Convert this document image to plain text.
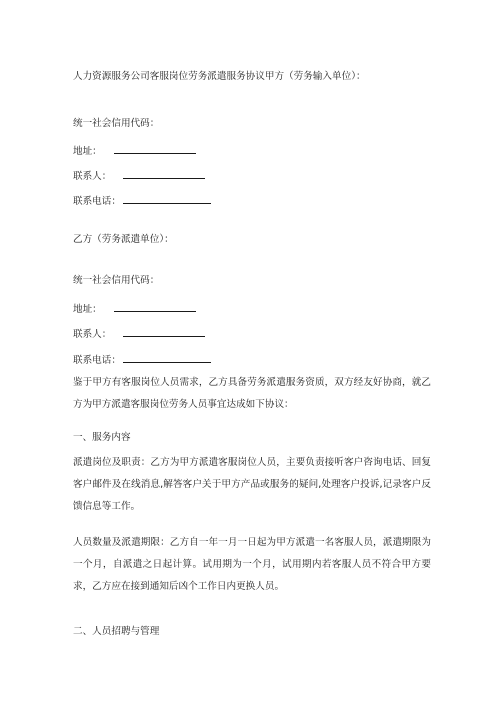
人力资源服务公司客服岗位劳务派遣服务协议甲方（劳务输入单位）：
统一社会信用代码：
地址：
联系人：
联系电话：
乙方（劳务派遣单位）：
统一社会信用代码：
地址：
联系人：
联系电话：
鉴于甲方有客服岗位人员需求，乙方具备劳务派遣服务资质，双方经友好协商，就乙方为甲方派遣客服岗位劳务人员事宜达成如下协议：
一、服务内容
派遣岗位及职责：乙方为甲方派遣客服岗位人员，主要负责接听客户咨询电话、回复客户邮件及在线消息,解答客户关于甲方产品或服务的疑问,处理客户投诉,记录客户反馈信息等工作。
人员数量及派遣期限：乙方自一年一月一日起为甲方派遣一名客服人员，派遣期限为一个月，自派遣之日起计算。试用期为一个月，试用期内若客服人员不符合甲方要求，乙方应在接到通知后凶个工作日内更换人员。
二、人员招聘与管理
